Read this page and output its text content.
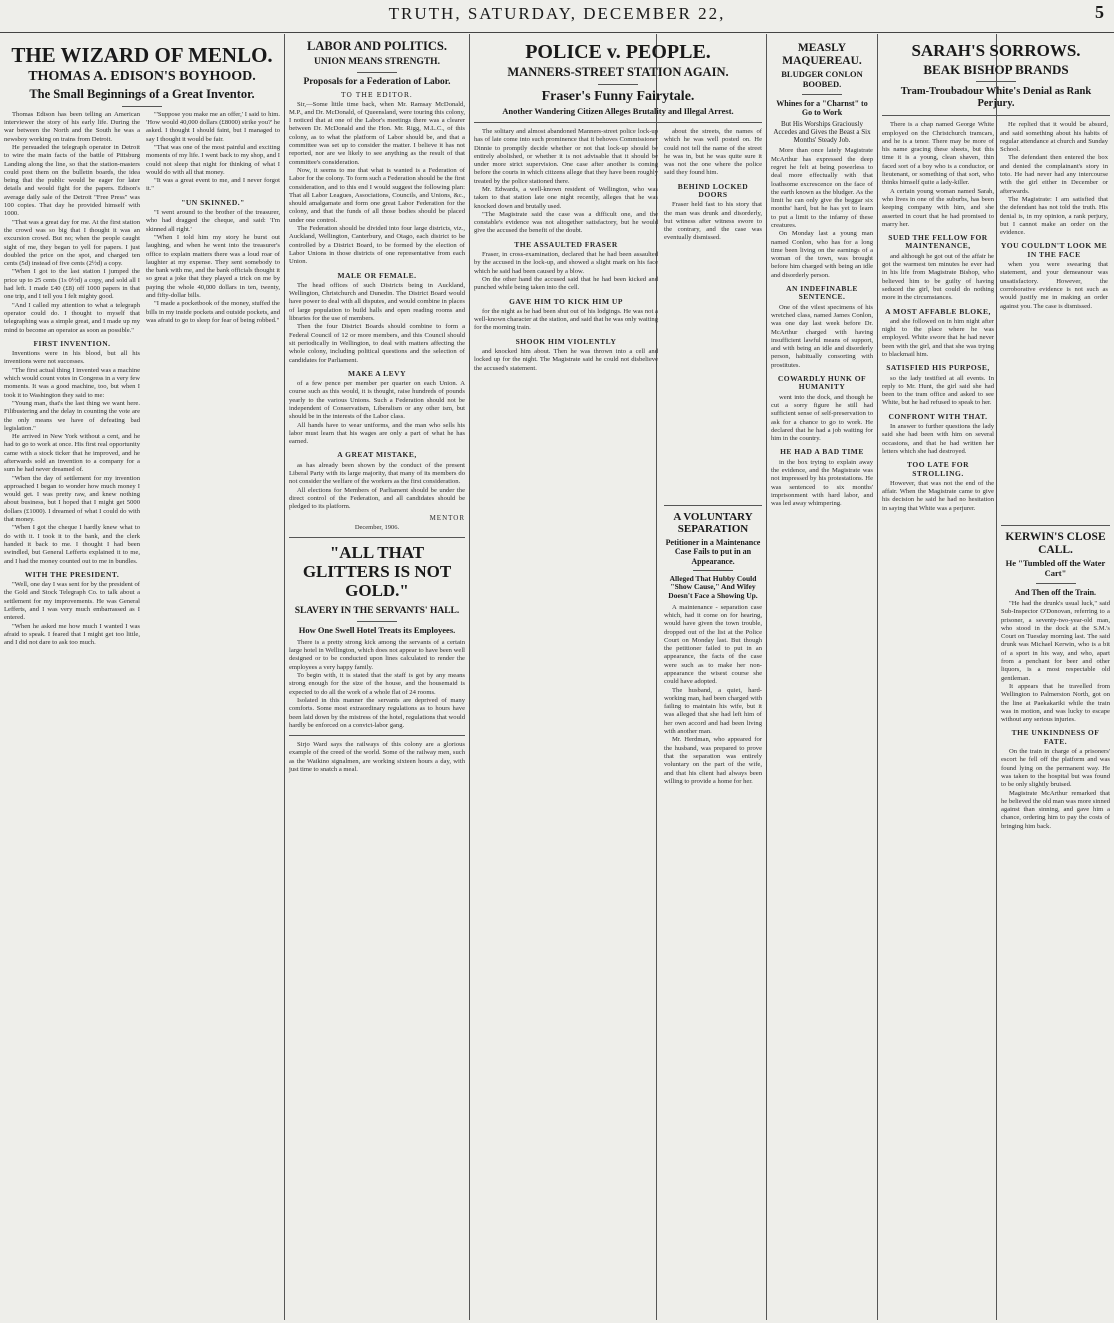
TRUTH, SATURDAY, DECEMBER 22,	5
THE WIZARD OF MENLO.
THOMAS A. EDISON'S BOYHOOD.
The Small Beginnings of a Great Inventor.

Thomas Edison has been telling an American interviewer the story of his early life. During the war between the North and the South he was a newsboy working on trains from Detroit.

He persuaded the telegraph operator in Detroit to wire the main facts of the battle of Pittsburg Landing along the line, so that the station-masters could post them on the bulletin boards, the idea being that the public would be eager for later details and would fight for the papers. Edison's average daily sale of the Detroit "Free Press" was 100 copies. That day he provided himself with 1000.

"That was a great day for me. At the first station the crowd was so big that I thought it was an excursion crowd. But no; when the people caught sight of me, they began to yell for papers. I just doubled the price on the spot, and charged ten cents (5d) instead of five cents (2½d) a copy.

"When I got to the last station I jumped the price up to 25 cents (1s 0½d) a copy, and sold all I had left. I made £40 (£8) off 1000 papers in that one trip, and I tell you I felt mighty good.

"And I called my attention to what a telegraph operator could do. I thought to myself that telegraphing was a simple great, and I made up my mind to become an operator as soon as possible."

FIRST INVENTION.

Inventions were in his blood, but all his inventions were not successes.

"The first actual thing I invented was a machine which would count votes in Congress in a very few moments. It was a good machine, too, but when I took it to Washington they said to me:

"Young man, that's the last thing we want here. Filibustering and the delay in counting the vote are the only means we have of defeating bad legislation."

He arrived in New York without a cent, and he had to go to work at once. His first real opportunity came with a stock ticker that he improved, and he afterwards sold an invention to a company for a sum he had never dreamed of.

"When the day of settlement for my invention approached I began to wonder how much money I would get. I was pretty raw, and knew nothing about business, but I hoped that I might get 5000 dollars (£1000). I dreamed of what I could do with that money.

"When I got the cheque I hardly knew what to do with it. I took it to the bank, and the clerk handed it back to me. I thought I had been swindled, but General Lefferts explained it to me, and I had the money counted out to me in bundles.

WITH THE PRESIDENT.

"Well, one day I was sent for by the president of the Gold and Stock Telegraph Co. to talk about a settlement for my improvements. He was General Lefferts, and I was very much embarrassed as I entered.

"When he asked me how much I wanted I was afraid to speak. I feared that I might get too little, and I did not dare to ask too much.

"'Suppose you make me an offer,' I said to him. 'How would 40,000 dollars (£8000) strike you?' he asked. I thought I should faint, but I managed to say I thought it would be fair.

"That was one of the most painful and exciting moments of my life. I went back to my shop, and I could not sleep that night for thinking of what I would do with all that money.

"It was a great event to me, and I never forgot it."

"UN SKINNED."

"I went around to the brother of the treasurer, who had dragged the cheque, and said: 'I'm skinned all right.'

"When I told him my story he burst out laughing, and when he went into the treasurer's office to explain matters there was a loud roar of laughter at my expense. They sent somebody to the bank with me, and the bank officials thought it so great a joke that they played a trick on me by paying the whole 40,000 dollars in ten, twenty, and fifty-dollar bills.

"I made a pocketbook of the money, stuffed the bills in my inside pockets and outside pockets, and was afraid to go to sleep for fear of being robbed."

LABOR AND POLITICS.
UNION MEANS STRENGTH.
Proposals for a Federation of Labor.
TO THE EDITOR.

Sir,—Some little time back, when Mr. Ramsay McDonald, M.P., and Dr. McDonald, of Queensland, were touring this colony, I noticed that at one of the Labor's meetings there was a clearer between Dr. McDonald and the Hon. Mr. Rigg, M.L.C., of this colony, as to what the platform of Labor should be, and that a committee was set up to consider the matter. I believe it has not reported, nor are we likely to see anything as the result of that committee's consideration.

Now, it seems to me that what is wanted is a Federation of Labor for the colony. To form such a Federation should be the first consideration, and to this end I would suggest the following plan: That all Labor Leagues, Associations, Councils, and Unions, &c., should amalgamate and form one great Labor Federation for the colony, and that the funds of all those bodies should be placed under one control.

The Federation should be divided into four large districts, viz., Auckland, Wellington, Canterbury, and Otago, each district to be controlled by a District Board, to be formed by the election of Labor Unions in those districts of one representative from each Union.

MALE OR FEMALE.

The head offices of such Districts being in Auckland, Wellington, Christchurch and Dunedin. The District Board would have power to deal with all disputes, and would combine in places of large population to build halls and open reading rooms and libraries for the use of members.

Then the four District Boards should combine to form a Federal Council of 12 or more members, and this Council should sit periodically in Wellington, to deal with matters affecting the whole colony, including political questions and the selection of candidates for Parliament.

MAKE A LEVY

of a few pence per member per quarter on each Union. A course such as this would, it is thought, raise hundreds of pounds yearly to the various Unions. Such a Federation should not be independent of Conservatism, Liberalism or any other ism, but should be in the interests of the Labor class.

All hands have to wear uniforms, and the man who sells his labor must learn that his wages are only a part of what he has earned.

A GREAT MISTAKE,

as has already been shown by the conduct of the present Liberal Party with its large majority, that many of its members do not consider the welfare of the workers as the first consideration.

All elections for Members of Parliament should be under the direct control of the Federation, and all candidates should be pledged to its platform.

MENTOR
December, 1906.
"ALL THAT GLITTERS IS NOT GOLD."
SLAVERY IN THE SERVANTS' HALL.
How One Swell Hotel Treats its Employees.

There is a pretty strong kick among the servants of a certain large hotel in Wellington, which does not appear to have been well designed or to be conducted upon lines calculated to render the employees a very happy family.

To begin with, it is stated that the staff is got by any means strong enough for the size of the house, and the housemaid is expected to do all the work of a whole flat of 24 rooms.

Isolated in this manner the servants are deprived of many comforts. Some most extraordinary regulations as to hours have been laid down by the mistress of the hotel, regulations that would hardly be enforced on a convict-labor gang.

Sirjo Ward says the railways of this colony are a glorious example of the creed of the world. Some of the railway men, such as the Waikino signalmen, are working sixteen hours a day, with just time to snatch a meal.

POLICE v. PEOPLE.
MANNERS-STREET STATION AGAIN.
Fraser's Funny Fairytale.
Another Wandering Citizen Alleges Brutality and Illegal Arrest.

The solitary and almost abandoned Manners-street police lock-up has of late come into such prominence that it behoves Commissioner Dinnie to promptly decide whether or not that lock-up should be entirely abolished, or whether it is not advisable that it should be under more strict supervision. One case after another is coming before the courts in which citizens allege that they have been roughly treated by the police stationed there.

Mr. Edwards, a well-known resident of Wellington, who was taken to that station late one night recently, alleges that he was knocked down and brutally used.

"The Magistrate said the case was a difficult one, and the constable's evidence was not altogether satisfactory, but he would give the accused the benefit of the doubt.

THE ASSAULTED FRASER

Fraser, in cross-examination, declared that he had been assaulted by the accused in the lock-up, and showed a slight mark on his face which he said had been caused by a blow.

On the other hand the accused said that he had been kicked and punched while being taken into the cell.

GAVE HIM TO KICK HIM UP

for the night as he had been shut out of his lodgings. He was not a well-known character at the station, and said that he was only waiting for the morning train.

SHOOK HIM VIOLENTLY

and knocked him about. Then he was thrown into a cell and locked up for the night. The Magistrate said he could not disbelieve the accused's statement.

about the streets, the names of which he was well posted on. He could not tell the name of the street he was in, but he was quite sure it was not the one where the police said they found him.

BEHIND LOCKED DOORS

Fraser held fast to his story that the man was drunk and disorderly, but witness after witness swore to the contrary, and the case was eventually dismissed.

A VOLUNTARY SEPARATION
Petitioner in a Maintenance Case Fails to put in an Appearance.
Alleged That Hubby Could "Show Cause," And Wifey Doesn't Face a Showing Up.

A maintenance - separation case which, had it come on for hearing, would have given the town trouble, dropped out of the list at the Police Court on Monday last. But though the petitioner failed to put in an appearance, the facts of the case were such as to make her non-appearance the wisest course she could have adopted.

The husband, a quiet, hard-working man, had been charged with failing to maintain his wife, but it was alleged that she had left him of her own accord and had been living with another man.

Mr. Herdman, who appeared for the husband, was prepared to prove that the separation was entirely voluntary on the part of the wife, and that his client had always been willing to provide a home for her.

MEASLY MAQUEREAU.
BLUDGER CONLON BOOBED.
Whines for a "Charnst" to Go to Work
But His Worships Graciously Accedes and Gives the Beast a Six Months' Steady Job.

More than once lately Magistrate McArthur has expressed the deep regret he felt at being powerless to deal more effectually with that loathsome excrescence on the face of the earth known as the bludger. As the limit he can only give the beggar six months' hard, but he has yet to learn to put a limit to the infamy of these creatures.

On Monday last a young man named Conlon, who has for a long time been living on the earnings of a woman of the town, was brought before him charged with being an idle and disorderly person.

AN INDEFINABLE SENTENCE.

One of the vilest specimens of his wretched class, named James Conlon, was one day last week before Dr. McArthur charged with having insufficient lawful means of support, and with being an idle and disorderly person, habitually consorting with prostitutes.

COWARDLY HUNK OF HUMANITY

went into the dock, and though he cut a sorry figure he still had sufficient sense of self-preservation to ask for a chance to go to work. He declared that he had a job waiting for him in the country.

HE HAD A BAD TIME

in the box trying to explain away the evidence, and the Magistrate was not impressed by his protestations. He was sentenced to six months' imprisonment with hard labor, and was led away whimpering.

SARAH'S SORROWS.
BEAK BISHOP BRANDS
Tram-Troubadour White's Denial as Rank Perjury.

There is a chap named George White employed on the Christchurch tramcars, and he is a tenor. There may be more of his name gracing these sheets, but this time it is a young, clean shaven, thin faced sort of a boy who is a conductor, or lieutenant, or something of that sort, who thinks himself quite a lady-killer.

A certain young woman named Sarah, who lives in one of the suburbs, has been keeping company with him, and she asserted in court that he had promised to marry her.

SUED THE FELLOW FOR MAINTENANCE,

and although he got out of the affair he got the warmest ten minutes he ever had in his life from Magistrate Bishop, who believed him to be guilty of having seduced the girl, but could do nothing more in the circumstances.

A MOST AFFABLE BLOKE,

and she followed on in him night after night to the place where he was employed. White swore that he had never been with the girl, and that she was trying to blackmail him.

SATISFIED HIS PURPOSE,

so the lady testified at all events. In reply to Mr. Hunt, the girl said she had been to the tram office and asked to see White, but he had refused to speak to her.

CONFRONT WITH THAT.

In answer to further questions the lady said she had been with him on several occasions, and that he had written her letters which she had destroyed.

TOO LATE FOR STROLLING.

However, that was not the end of the affair. When the Magistrate came to give his decision he said he had no hesitation in saying that White was a perjurer.

He replied that it would be absurd, and said something about his habits of regular attendance at church and Sunday School.

The defendant then entered the box and denied the complainant's story in toto. He had never had any intercourse with the girl either in December or afterwards.

The Magistrate: I am satisfied that the defendant has not told the truth. His denial is, in my opinion, a rank perjury, but I cannot make an order on the evidence.

YOU COULDN'T LOOK ME IN THE FACE

when you were swearing that statement, and your demeanour was unsatisfactory. However, the corroborative evidence is not such as would justify me in making an order against you. The case is dismissed.

KERWIN'S CLOSE CALL.
He "Tumbled off the Water Cart"
And Then off the Train.

"He had the drunk's usual luck," said Sub-Inspector O'Donovan, referring to a prisoner, a seventy-two-year-old man, who stood in the dock at the S.M.'s Court on Tuesday morning last. The said drunk was Michael Kerwin, who is a bit of a sport in his way, and who, apart from a penchant for beer and other liquors, is a most respectable old gentleman.

It appears that he travelled from Wellington to Palmerston North, got on the line at Paekakariki while the train was in motion, and was lucky to escape without any serious injuries.

THE UNKINDNESS OF FATE.

On the train in charge of a prisoners' escort he fell off the platform and was found lying on the permanent way. He was taken to the hospital but was found to be only slightly bruised.

Magistrate McArthur remarked that he believed the old man was more sinned against than sinning, and gave him a chance, ordering him to pay the costs of bringing him back.
